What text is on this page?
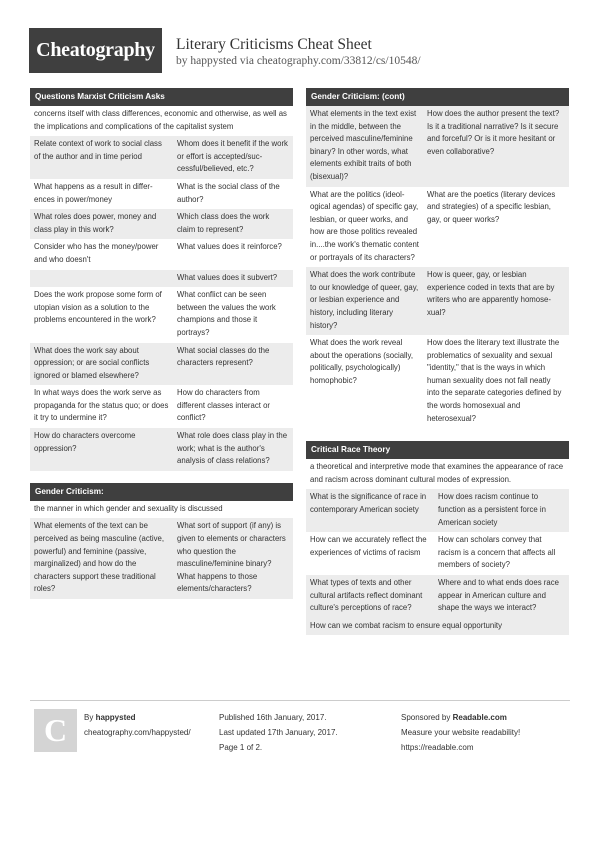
Cheatography	Literary Criticisms Cheat Sheet
by happysted via cheatography.com/33812/cs/10548/
Questions Marxist Criticism Asks
concerns itself with class differences, economic and otherwise, as well as the implications and complications of the capitalist system
Relate context of work to social class of the author and in time period
Whom does it benefit if the work or effort is accepted/successful/believed, etc.?
What happens as a result in differences in power/money
What is the social class of the author?
What roles does power, money and class play in this work?
Which class does the work claim to represent?
Consider who has the money/power and who doesn't
What values does it reinforce?
What values does it subvert?
Does the work propose some form of utopian vision as a solution to the problems encountered in the work?
What conflict can be seen between the values the work champions and those it portrays?
What does the work say about oppression; or are social conflicts ignored or blamed elsewhere?
What social classes do the characters represent?
In what ways does the work serve as propaganda for the status quo; or does it try to undermine it?
How do characters from different classes interact or conflict?
How do characters overcome oppression?
What role does class play in the work; what is the author's analysis of class relations?
Gender Criticism:
the manner in which gender and sexuality is discussed
What elements of the text can be perceived as being masculine (active, powerful) and feminine (passive, marginalized) and how do the characters support these traditional roles?
What sort of support (if any) is given to elements or characters who question the masculine/feminine binary? What happens to those elements/characters?
Gender Criticism: (cont)
What elements in the text exist in the middle, between the perceived masculine/feminine binary? In other words, what elements exhibit traits of both (bisexual)?
How does the author present the text? Is it a traditional narrative? Is it secure and forceful? Or is it more hesitant or even collaborative?
What are the politics (ideological agendas) of specific gay, lesbian, or queer works, and how are those politics revealed in....the work's thematic content or portrayals of its characters?
What are the poetics (literary devices and strategies) of a specific lesbian, gay, or queer works?
What does the work contribute to our knowledge of queer, gay, or lesbian experience and history, including literary history?
How is queer, gay, or lesbian experience coded in texts that are by writers who are apparently homosexual?
What does the work reveal about the operations (socially, politically, psychologically) homophobic?
How does the literary text illustrate the problematics of sexuality and sexual "identity," that is the ways in which human sexuality does not fall neatly into the separate categories defined by the words homosexual and heterosexual?
Critical Race Theory
a theoretical and interpretive mode that examines the appearance of race and racism across dominant cultural modes of expression.
What is the significance of race in contemporary American society
How does racism continue to function as a persistent force in American society
How can we accurately reflect the experiences of victims of racism
How can scholars convey that racism is a concern that affects all members of society?
What types of texts and other cultural artifacts reflect dominant culture's perceptions of race?
Where and to what ends does race appear in American culture and shape the ways we interact?
How can we combat racism to ensure equal opportunity
C	By happysted
cheatography.com/happysted/
Published 16th January, 2017.
Last updated 17th January, 2017.
Page 1 of 2.
Sponsored by Readable.com
Measure your website readability!
https://readable.com
